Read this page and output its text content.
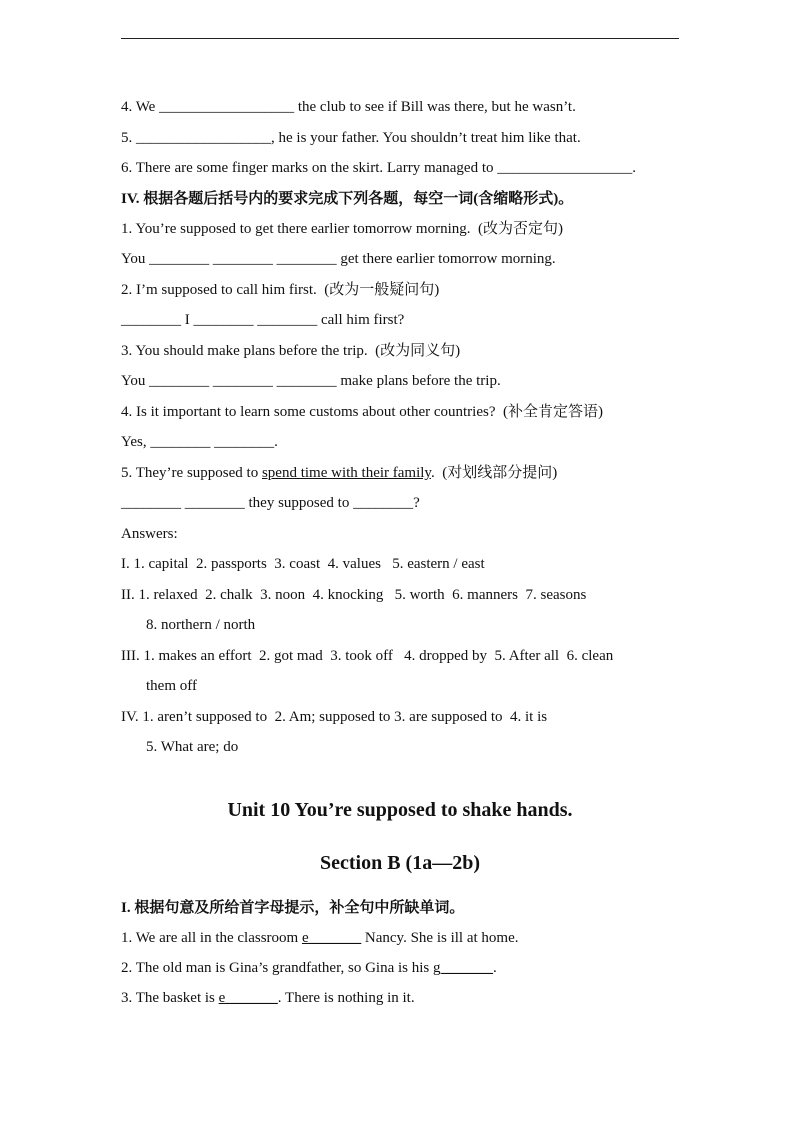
4. We __________________ the club to see if Bill was there, but he wasn’t.
5. __________________, he is your father. You shouldn’t treat him like that.
6. There are some finger marks on the skirt. Larry managed to __________________.
IV. 根据各题后括号内的要求完成下列各题，每空一词(含缩略形式)。
1. You’re supposed to get there earlier tomorrow morning.  (改为否定句)
You ________ ________ ________ get there earlier tomorrow morning.
2. I’m supposed to call him first.  (改为一般疑问句)
________ I ________ ________ call him first?
3. You should make plans before the trip.  (改为同义句)
You ________ ________ ________ make plans before the trip.
4. Is it important to learn some customs about other countries?  (补全肯定答语)
Yes, ________ ________.
5. They’re supposed to spend time with their family.  (对划线部分提问)
________ ________ they supposed to ________?
Answers:
I. 1. capital  2. passports  3. coast  4. values   5. eastern / east
II. 1. relaxed  2. chalk  3. noon  4. knocking   5. worth  6. manners  7. seasons
8. northern / north
III. 1. makes an effort  2. got mad  3. took off   4. dropped by  5. After all  6. clean
them off
IV. 1. aren’t supposed to  2. Am; supposed to 3. are supposed to  4. it is
5. What are; do
Unit 10 You’re supposed to shake hands.
Section B (1a—2b)
I. 根据句意及所给首字母提示，补全句中所缺单词。
1. We are all in the classroom e_______ Nancy. She is ill at home.
2. The old man is Gina’s grandfather, so Gina is his g_______.
3. The basket is e_______. There is nothing in it.
